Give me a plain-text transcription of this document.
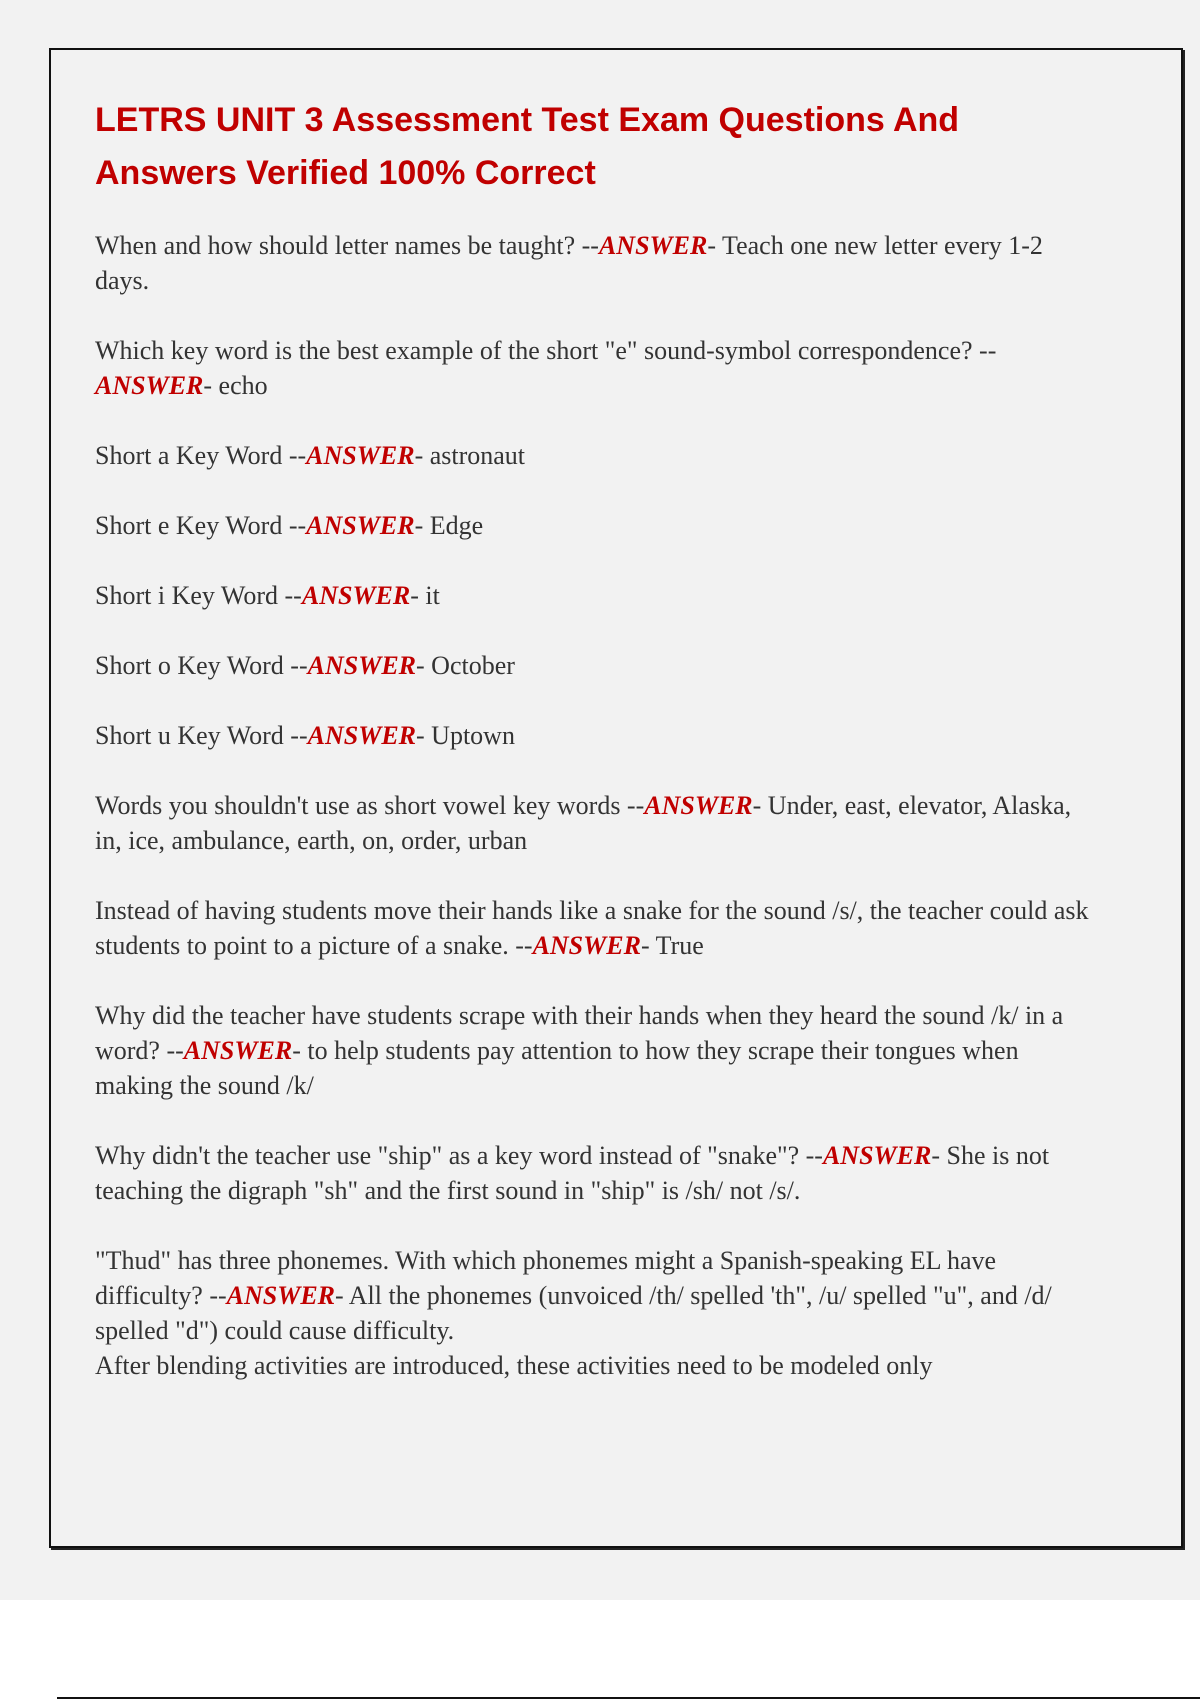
LETRS UNIT 3 Assessment Test Exam Questions And Answers Verified 100% Correct

When and how should letter names be taught? --ANSWER- Teach one new letter every 1-2 days.

Which key word is the best example of the short "e" sound-symbol correspondence? --ANSWER- echo

Short a Key Word --ANSWER- astronaut

Short e Key Word --ANSWER- Edge

Short i Key Word --ANSWER- it

Short o Key Word --ANSWER- October

Short u Key Word --ANSWER- Uptown

Words you shouldn't use as short vowel key words --ANSWER- Under, east, elevator, Alaska, in, ice, ambulance, earth, on, order, urban

Instead of having students move their hands like a snake for the sound /s/, the teacher could ask students to point to a picture of a snake. --ANSWER- True

Why did the teacher have students scrape with their hands when they heard the sound /k/ in a word? --ANSWER- to help students pay attention to how they scrape their tongues when making the sound /k/

Why didn't the teacher use "ship" as a key word instead of "snake"? --ANSWER- She is not teaching the digraph "sh" and the first sound in "ship" is /sh/ not /s/.

"Thud" has three phonemes. With which phonemes might a Spanish-speaking EL have difficulty? --ANSWER- All the phonemes (unvoiced /th/ spelled 'th", /u/ spelled "u", and /d/ spelled "d") could cause difficulty.

After blending activities are introduced, these activities need to be modeled only
